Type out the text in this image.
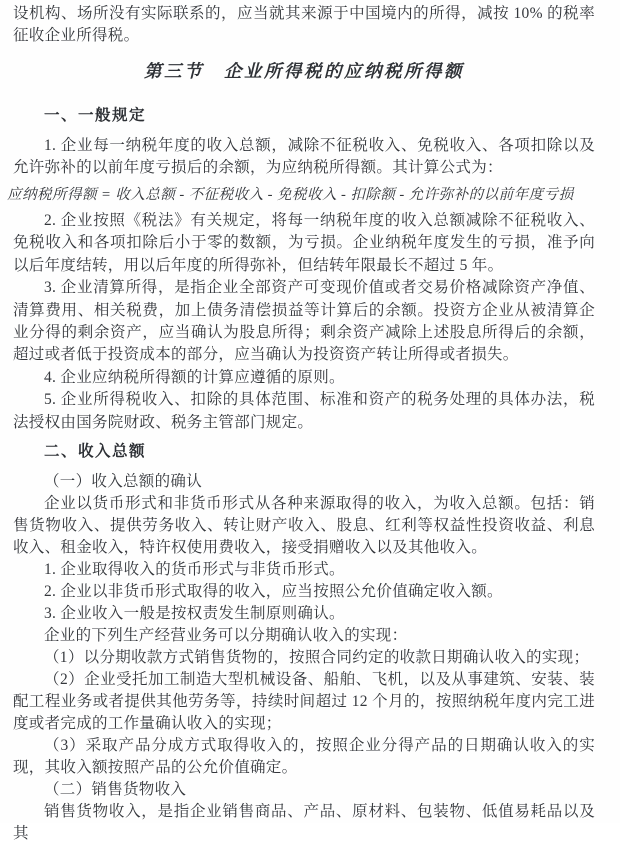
设机构、场所没有实际联系的，应当就其来源于中国境内的所得，减按 10% 的税率征收企业所得税。

第三节　企业所得税的应纳税所得额
一、一般规定

1. 企业每一纳税年度的收入总额，减除不征税收入、免税收入、各项扣除以及允许弥补的以前年度亏损后的余额，为应纳税所得额。其计算公式为：

应纳税所得额 = 收入总额 - 不征税收入 - 免税收入 - 扣除额 - 允许弥补的以前年度亏损

2. 企业按照《税法》有关规定，将每一纳税年度的收入总额减除不征税收入、免税收入和各项扣除后小于零的数额，为亏损。企业纳税年度发生的亏损，准予向以后年度结转，用以后年度的所得弥补，但结转年限最长不超过 5 年。

3. 企业清算所得，是指企业全部资产可变现价值或者交易价格减除资产净值、清算费用、相关税费，加上债务清偿损益等计算后的余额。投资方企业从被清算企业分得的剩余资产，应当确认为股息所得；剩余资产减除上述股息所得后的余额，超过或者低于投资成本的部分，应当确认为投资资产转让所得或者损失。

4. 企业应纳税所得额的计算应遵循的原则。

5. 企业所得税收入、扣除的具体范围、标准和资产的税务处理的具体办法，税法授权由国务院财政、税务主管部门规定。

二、收入总额

（一）收入总额的确认

企业以货币形式和非货币形式从各种来源取得的收入，为收入总额。包括：销售货物收入、提供劳务收入、转让财产收入、股息、红利等权益性投资收益、利息收入、租金收入，特许权使用费收入，接受捐赠收入以及其他收入。

1. 企业取得收入的货币形式与非货币形式。

2. 企业以非货币形式取得的收入，应当按照公允价值确定收入额。

3. 企业收入一般是按权责发生制原则确认。

企业的下列生产经营业务可以分期确认收入的实现：

（1）以分期收款方式销售货物的，按照合同约定的收款日期确认收入的实现；

（2）企业受托加工制造大型机械设备、船舶、飞机，以及从事建筑、安装、装配工程业务或者提供其他劳务等，持续时间超过 12 个月的，按照纳税年度内完工进度或者完成的工作量确认收入的实现；

（3）采取产品分成方式取得收入的，按照企业分得产品的日期确认收入的实现，其收入额按照产品的公允价值确定。

（二）销售货物收入

销售货物收入，是指企业销售商品、产品、原材料、包装物、低值易耗品以及其
